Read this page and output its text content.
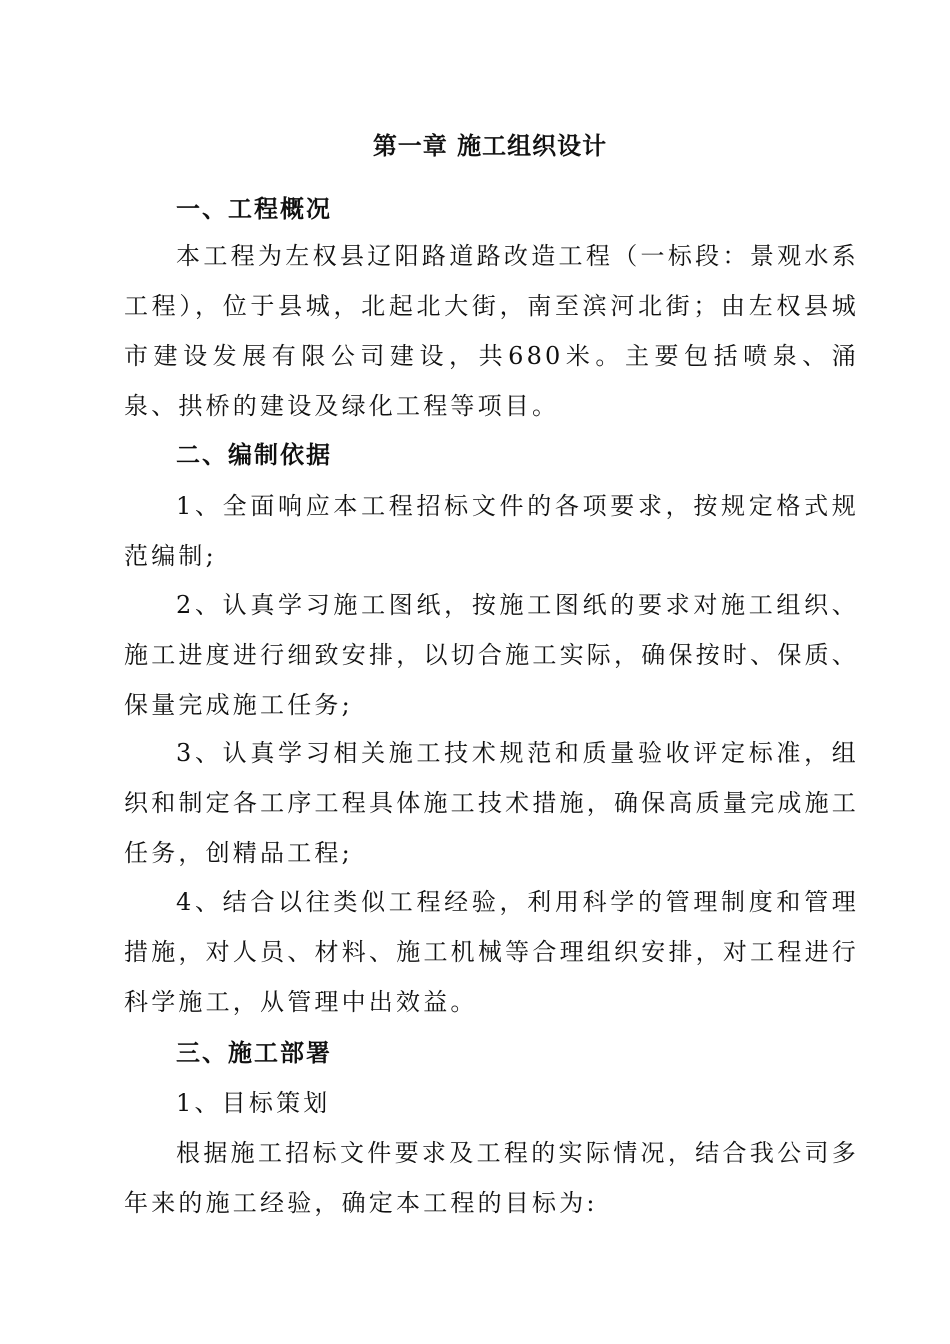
第一章 施工组织设计
一、工程概况

本工程为左权县辽阳路道路改造工程（一标段：景观水系工程），位于县城，北起北大街，南至滨河北街；由左权县城市建设发展有限公司建设，共680米。主要包括喷泉、涌泉、拱桥的建设及绿化工程等项目。

二、编制依据

1、全面响应本工程招标文件的各项要求，按规定格式规范编制;

2、认真学习施工图纸，按施工图纸的要求对施工组织、施工进度进行细致安排，以切合施工实际，确保按时、保质、保量完成施工任务;

3、认真学习相关施工技术规范和质量验收评定标准，组织和制定各工序工程具体施工技术措施，确保高质量完成施工任务，创精品工程;

4、结合以往类似工程经验，利用科学的管理制度和管理措施，对人员、材料、施工机械等合理组织安排，对工程进行科学施工，从管理中出效益。

三、施工部署

1、目标策划

根据施工招标文件要求及工程的实际情况，结合我公司多年来的施工经验，确定本工程的目标为:
